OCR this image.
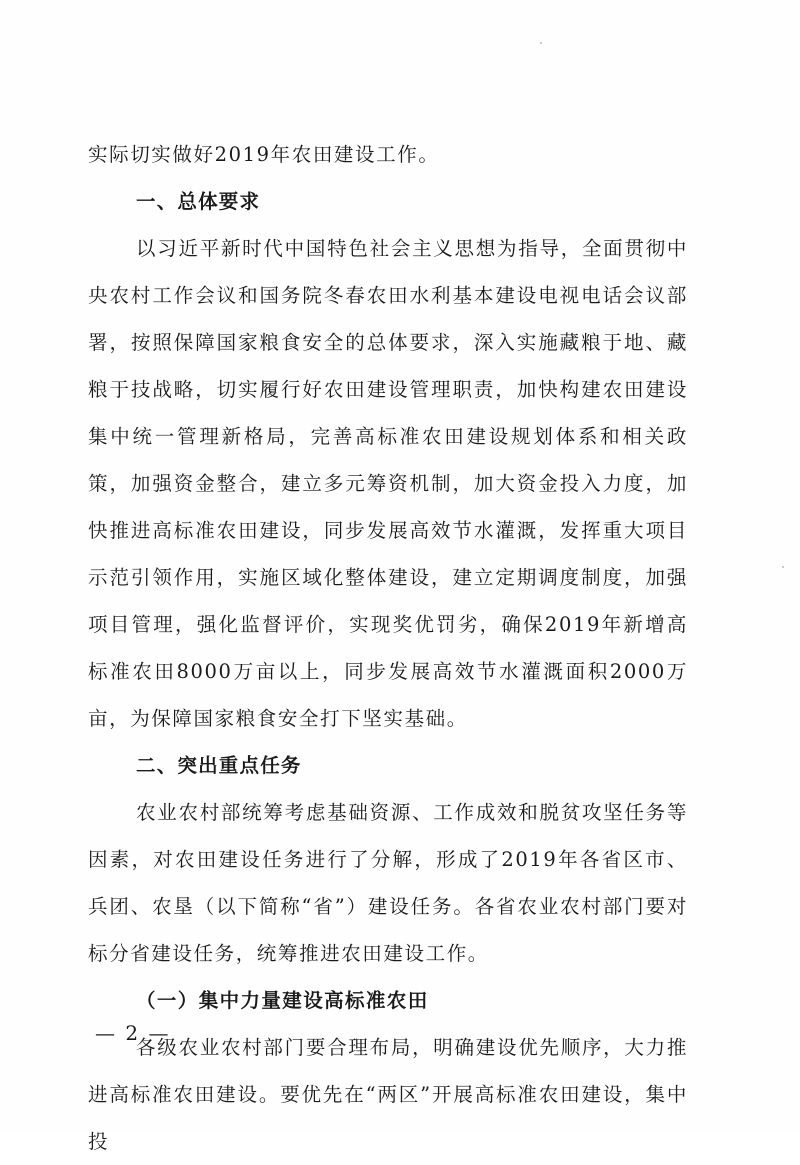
实际切实做好2019年农田建设工作。

一、总体要求

以习近平新时代中国特色社会主义思想为指导，全面贯彻中央农村工作会议和国务院冬春农田水利基本建设电视电话会议部署，按照保障国家粮食安全的总体要求，深入实施藏粮于地、藏粮于技战略，切实履行好农田建设管理职责，加快构建农田建设集中统一管理新格局，完善高标准农田建设规划体系和相关政策，加强资金整合，建立多元筹资机制，加大资金投入力度，加快推进高标准农田建设，同步发展高效节水灌溉，发挥重大项目示范引领作用，实施区域化整体建设，建立定期调度制度，加强项目管理，强化监督评价，实现奖优罚劣，确保2019年新增高标准农田8000万亩以上，同步发展高效节水灌溉面积2000万亩，为保障国家粮食安全打下坚实基础。

二、突出重点任务

农业农村部统筹考虑基础资源、工作成效和脱贫攻坚任务等因素，对农田建设任务进行了分解，形成了2019年各省区市、兵团、农垦（以下简称“省”）建设任务。各省农业农村部门要对标分省建设任务，统筹推进农田建设工作。

（一）集中力量建设高标准农田

各级农业农村部门要合理布局，明确建设优先顺序，大力推进高标准农田建设。要优先在“两区”开展高标准农田建设，集中投

— 2 —
